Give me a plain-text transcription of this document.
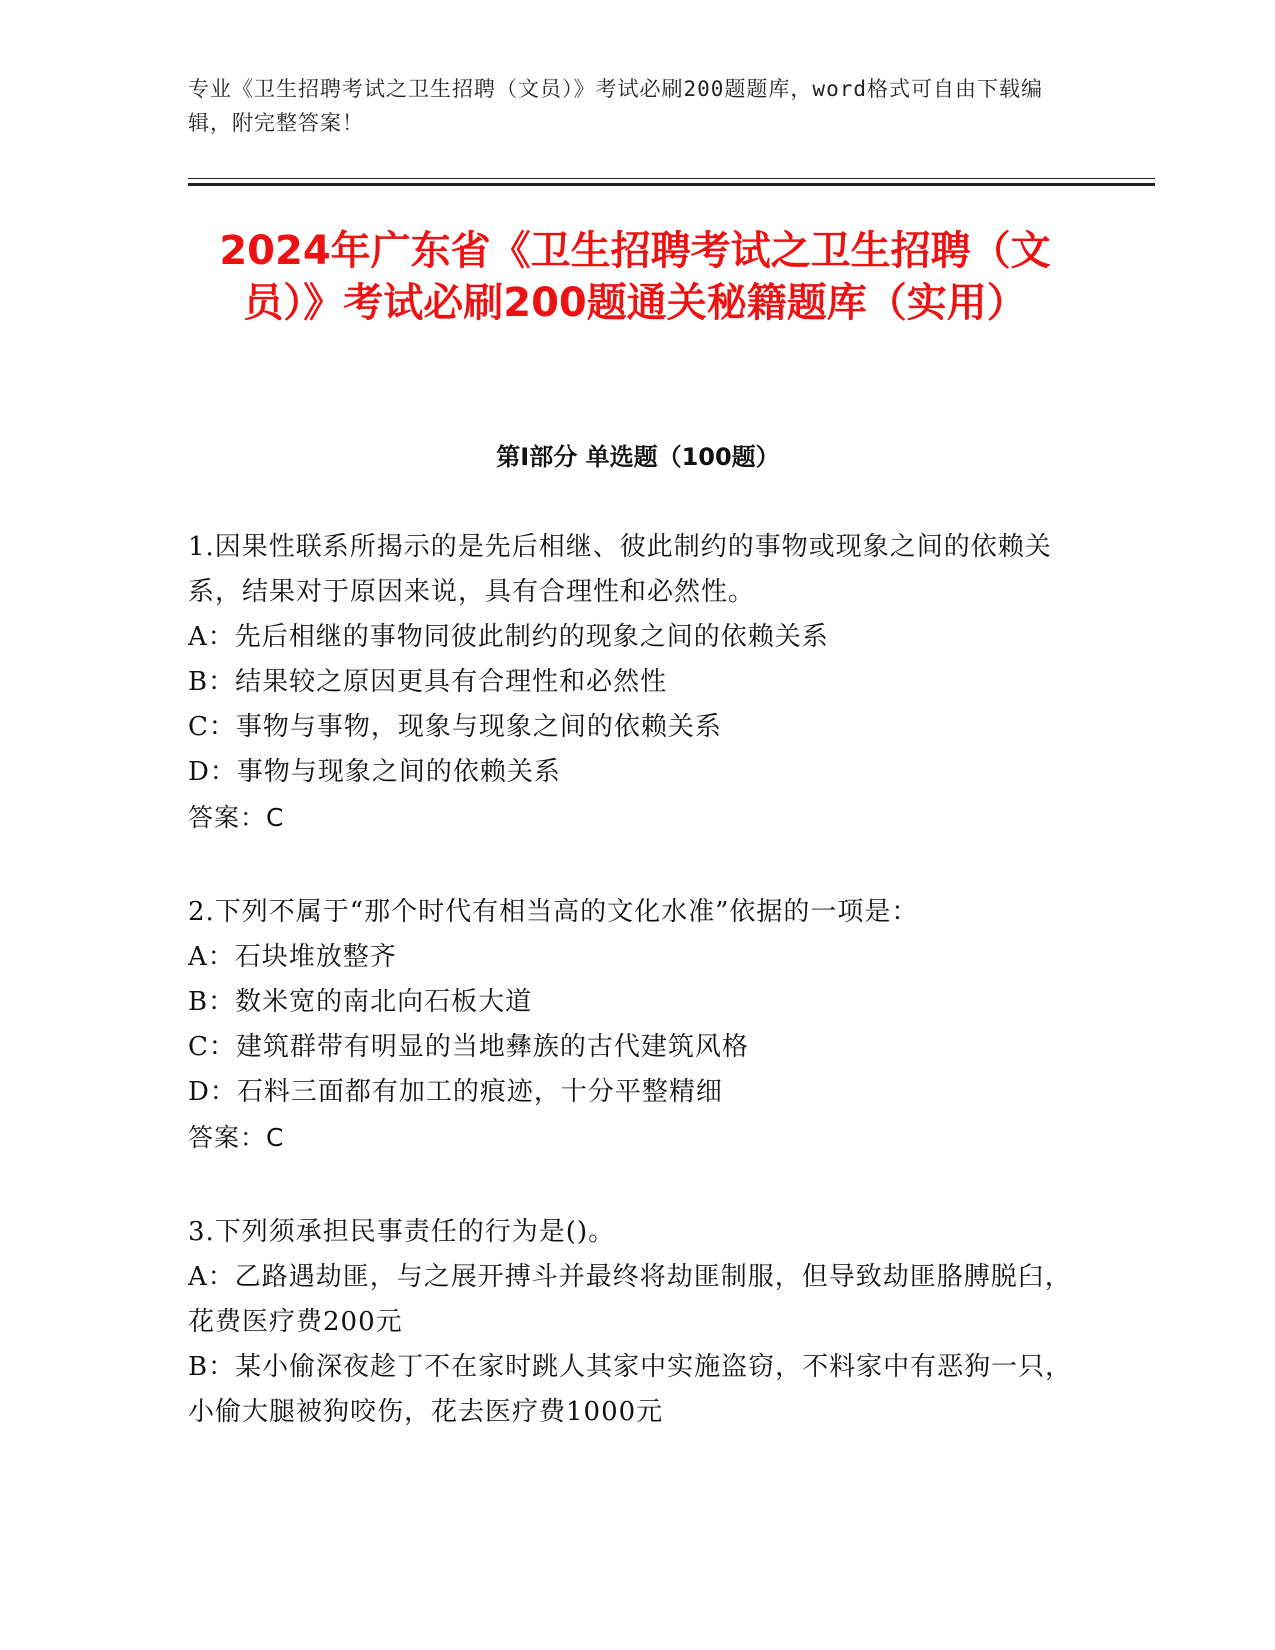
专业《卫生招聘考试之卫生招聘（文员）》考试必刷200题题库，word格式可自由下载编辑，附完整答案！
2024年广东省《卫生招聘考试之卫生招聘（文员）》考试必刷200题通关秘籍题库（实用）
第Ⅰ部分 单选题（100题）
1.因果性联系所揭示的是先后相继、彼此制约的事物或现象之间的依赖关系，结果对于原因来说，具有合理性和必然性。
A：先后相继的事物同彼此制约的现象之间的依赖关系
B：结果较之原因更具有合理性和必然性
C：事物与事物，现象与现象之间的依赖关系
D：事物与现象之间的依赖关系
答案：C
2.下列不属于“那个时代有相当高的文化水准”依据的一项是：
A：石块堆放整齐
B：数米宽的南北向石板大道
C：建筑群带有明显的当地彝族的古代建筑风格
D：石料三面都有加工的痕迹，十分平整精细
答案：C
3.下列须承担民事责任的行为是()。
A：乙路遇劫匪，与之展开搏斗并最终将劫匪制服，但导致劫匪胳膊脱臼，花费医疗费200元
B：某小偷深夜趁丁不在家时跳人其家中实施盗窃，不料家中有恶狗一只，小偷大腿被狗咬伤，花去医疗费1000元
